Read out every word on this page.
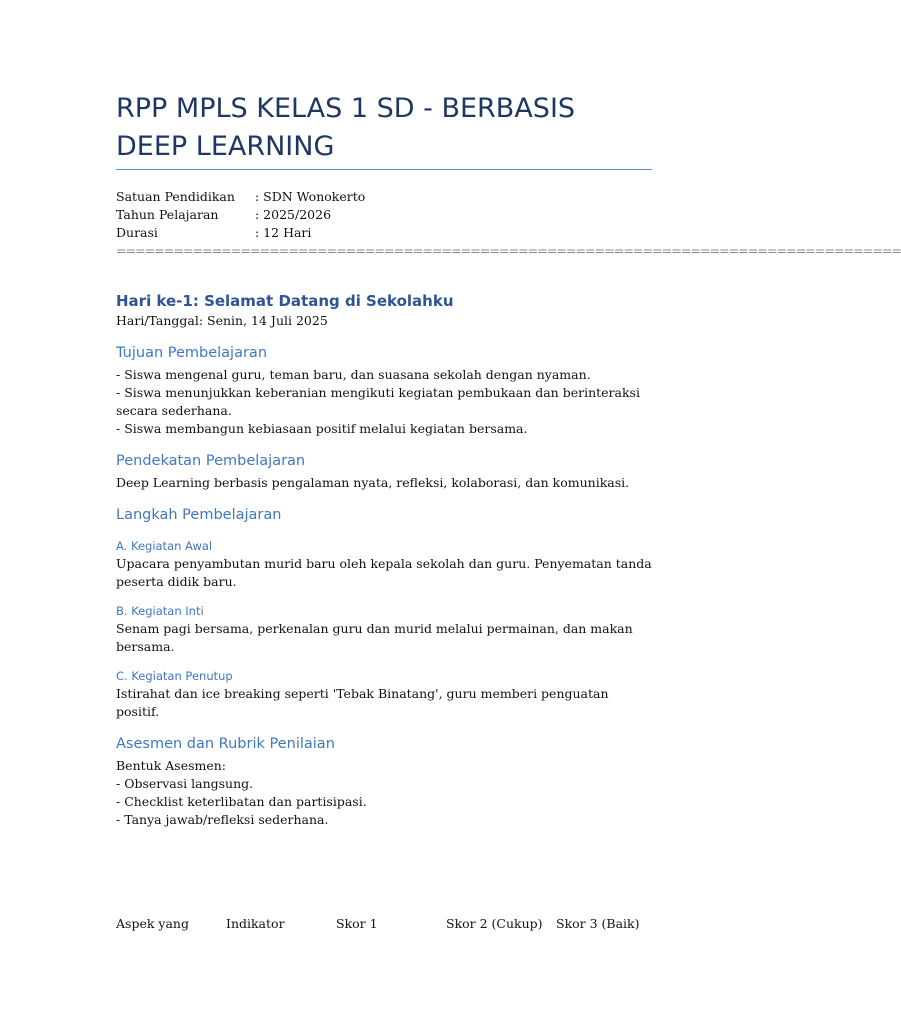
RPP MPLS KELAS 1 SD - BERBASIS DEEP LEARNING
Satuan Pendidikan	: SDN Wonokerto
Tahun Pelajaran	: 2025/2026
Durasi	: 12 Hari
==================================================================================
Hari ke-1: Selamat Datang di Sekolahku

Hari/Tanggal: Senin, 14 Juli 2025

Tujuan Pembelajaran

- Siswa mengenal guru, teman baru, dan suasana sekolah dengan nyaman.

- Siswa menunjukkan keberanian mengikuti kegiatan pembukaan dan berinteraksi secara sederhana.

- Siswa membangun kebiasaan positif melalui kegiatan bersama.

Pendekatan Pembelajaran

Deep Learning berbasis pengalaman nyata, refleksi, kolaborasi, dan komunikasi.

Langkah Pembelajaran
A. Kegiatan Awal

Upacara penyambutan murid baru oleh kepala sekolah dan guru. Penyematan tanda peserta didik baru.

B. Kegiatan Inti

Senam pagi bersama, perkenalan guru dan murid melalui permainan, dan makan bersama.

C. Kegiatan Penutup

Istirahat dan ice breaking seperti 'Tebak Binatang', guru memberi penguatan positif.

Asesmen dan Rubrik Penilaian

Bentuk Asesmen:

- Observasi langsung.

- Checklist keterlibatan dan partisipasi.

- Tanya jawab/refleksi sederhana.

Aspek yang	Indikator	Skor 1	Skor 2 (Cukup) Skor 3 (Baik)
